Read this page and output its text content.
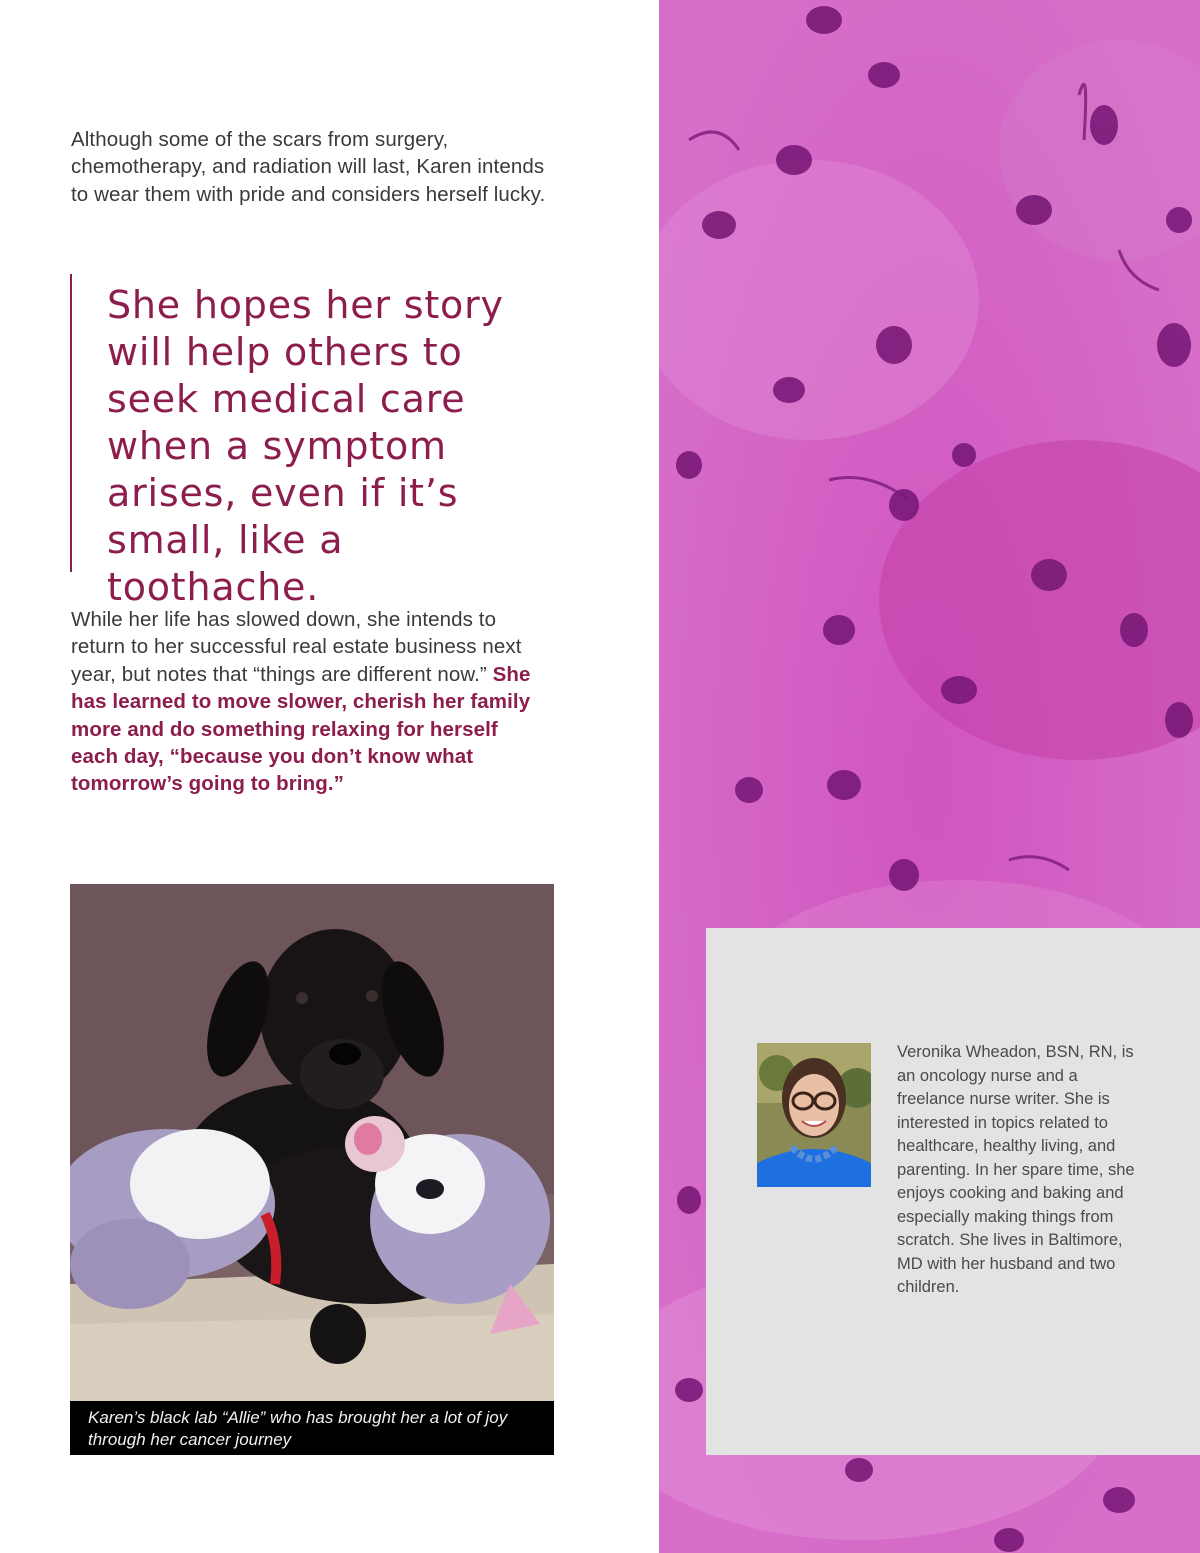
Although some of the scars from surgery, chemotherapy, and radiation will last, Karen intends to wear them with pride and considers herself lucky.

She hopes her story will help others to seek medical care when a symptom arises, even if it’s small, like a toothache.

While her life has slowed down, she intends to return to her successful real estate business next year, but notes that “things are different now.” She has learned to move slower, cherish her family more and do something relaxing for herself each day, “because you don’t know what tomorrow’s going to bring.”

Karen’s black lab “Allie” who has brought her a lot of joy through her cancer journey

Veronika Wheadon, BSN, RN, is an oncology nurse and a freelance nurse writer. She is interested in topics related to healthcare, healthy living, and parenting. In her spare time, she enjoys cooking and baking and especially making things from scratch. She lives in Baltimore, MD with her husband and two children.
